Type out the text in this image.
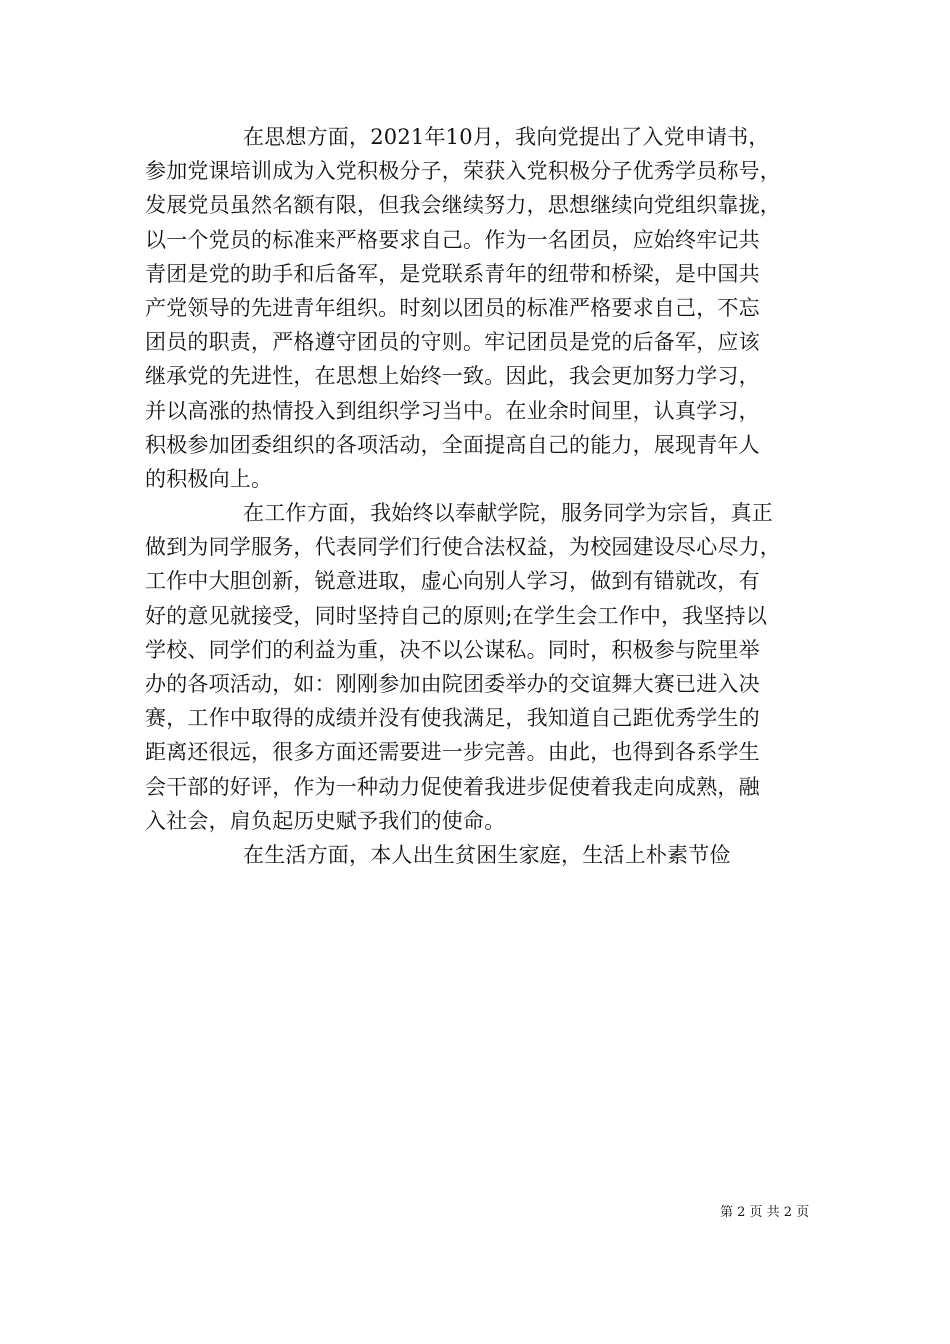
在思想方面，2021年10月，我向党提出了入党申请书，
参加党课培训成为入党积极分子，荣获入党积极分子优秀学员称号，
发展党员虽然名额有限，但我会继续努力，思想继续向党组织靠拢，
以一个党员的标准来严格要求自己。作为一名团员，应始终牢记共
青团是党的助手和后备军，是党联系青年的纽带和桥梁，是中国共
产党领导的先进青年组织。时刻以团员的标准严格要求自己，不忘
团员的职责，严格遵守团员的守则。牢记团员是党的后备军，应该
继承党的先进性，在思想上始终一致。因此，我会更加努力学习，
并以高涨的热情投入到组织学习当中。在业余时间里，认真学习，
积极参加团委组织的各项活动，全面提高自己的能力，展现青年人
的积极向上。
在工作方面，我始终以奉献学院，服务同学为宗旨，真正
做到为同学服务，代表同学们行使合法权益，为校园建设尽心尽力，
工作中大胆创新，锐意进取，虚心向别人学习，做到有错就改，有
好的意见就接受，同时坚持自己的原则;在学生会工作中，我坚持以
学校、同学们的利益为重，决不以公谋私。同时，积极参与院里举
办的各项活动，如：刚刚参加由院团委举办的交谊舞大赛已进入决
赛，工作中取得的成绩并没有使我满足，我知道自己距优秀学生的
距离还很远，很多方面还需要进一步完善。由此，也得到各系学生
会干部的好评，作为一种动力促使着我进步促使着我走向成熟，融
入社会，肩负起历史赋予我们的使命。
在生活方面，本人出生贫困生家庭，生活上朴素节俭
第 2 页 共 2 页
